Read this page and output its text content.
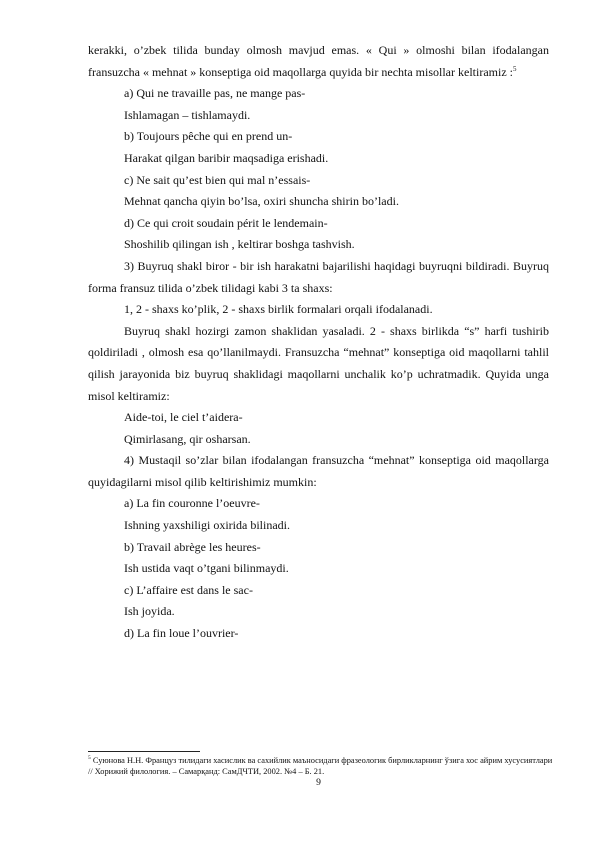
kerakki, o’zbek tilida bunday olmosh mavjud emas. « Qui » olmoshi bilan ifodalangan fransuzcha « mehnat » konseptiga oid maqollarga quyida bir nechta misollar keltiramiz :$^5$

a) Qui ne travaille pas, ne mange pas-

Ishlamagan – tishlamaydi.

b) Toujours pêche qui en prend un-

Harakat qilgan baribir maqsadiga erishadi.

c) Ne sait qu’est bien qui mal n’essais-

Mehnat qancha qiyin bo’lsa, oxiri shuncha shirin bo’ladi.

d) Ce qui croit soudain périt le lendemain-

Shoshilib qilingan ish , keltirar boshga tashvish.

3) Buyruq shakl biror - bir ish harakatni bajarilishi haqidagi buyruqni bildiradi. Buyruq forma fransuz tilida o’zbek tilidagi kabi 3 ta shaxs:

1, 2 - shaxs ko’plik, 2 - shaxs birlik formalari orqali ifodalanadi.

Buyruq shakl hozirgi zamon shaklidan yasaladi. 2 - shaxs birlikda “s” harfi tushirib qoldiriladi , olmosh esa qo’llanilmaydi. Fransuzcha “mehnat” konseptiga oid maqollarni tahlil qilish jarayonida biz buyruq shaklidagi maqollarni unchalik ko’p uchratmadik. Quyida unga misol keltiramiz:

Aide-toi, le ciel t’aidera-

Qimirlasang, qir osharsan.

4) Mustaqil so’zlar bilan ifodalangan fransuzcha “mehnat” konseptiga oid maqollarga quyidagilarni misol qilib keltirishimiz mumkin:

a) La fin couronne l’oeuvre-

Ishning yaxshiligi oxirida bilinadi.

b) Travail abrège les heures-

Ish ustida vaqt o’tgani bilinmaydi.

c) L’affaire est dans le sac-

Ish joyida.

d) La fin loue l’ouvrier-

$^5$ Суюнова Н.Н. Француз тилидаги хасислик ва сахийлик маъносидаги фразеологик бирликларнинг ўзига хос айрим хусусиятлари // Хорижий филология. – Самарқанд: СамДЧТИ, 2002. №4 – Б. 21.
9
